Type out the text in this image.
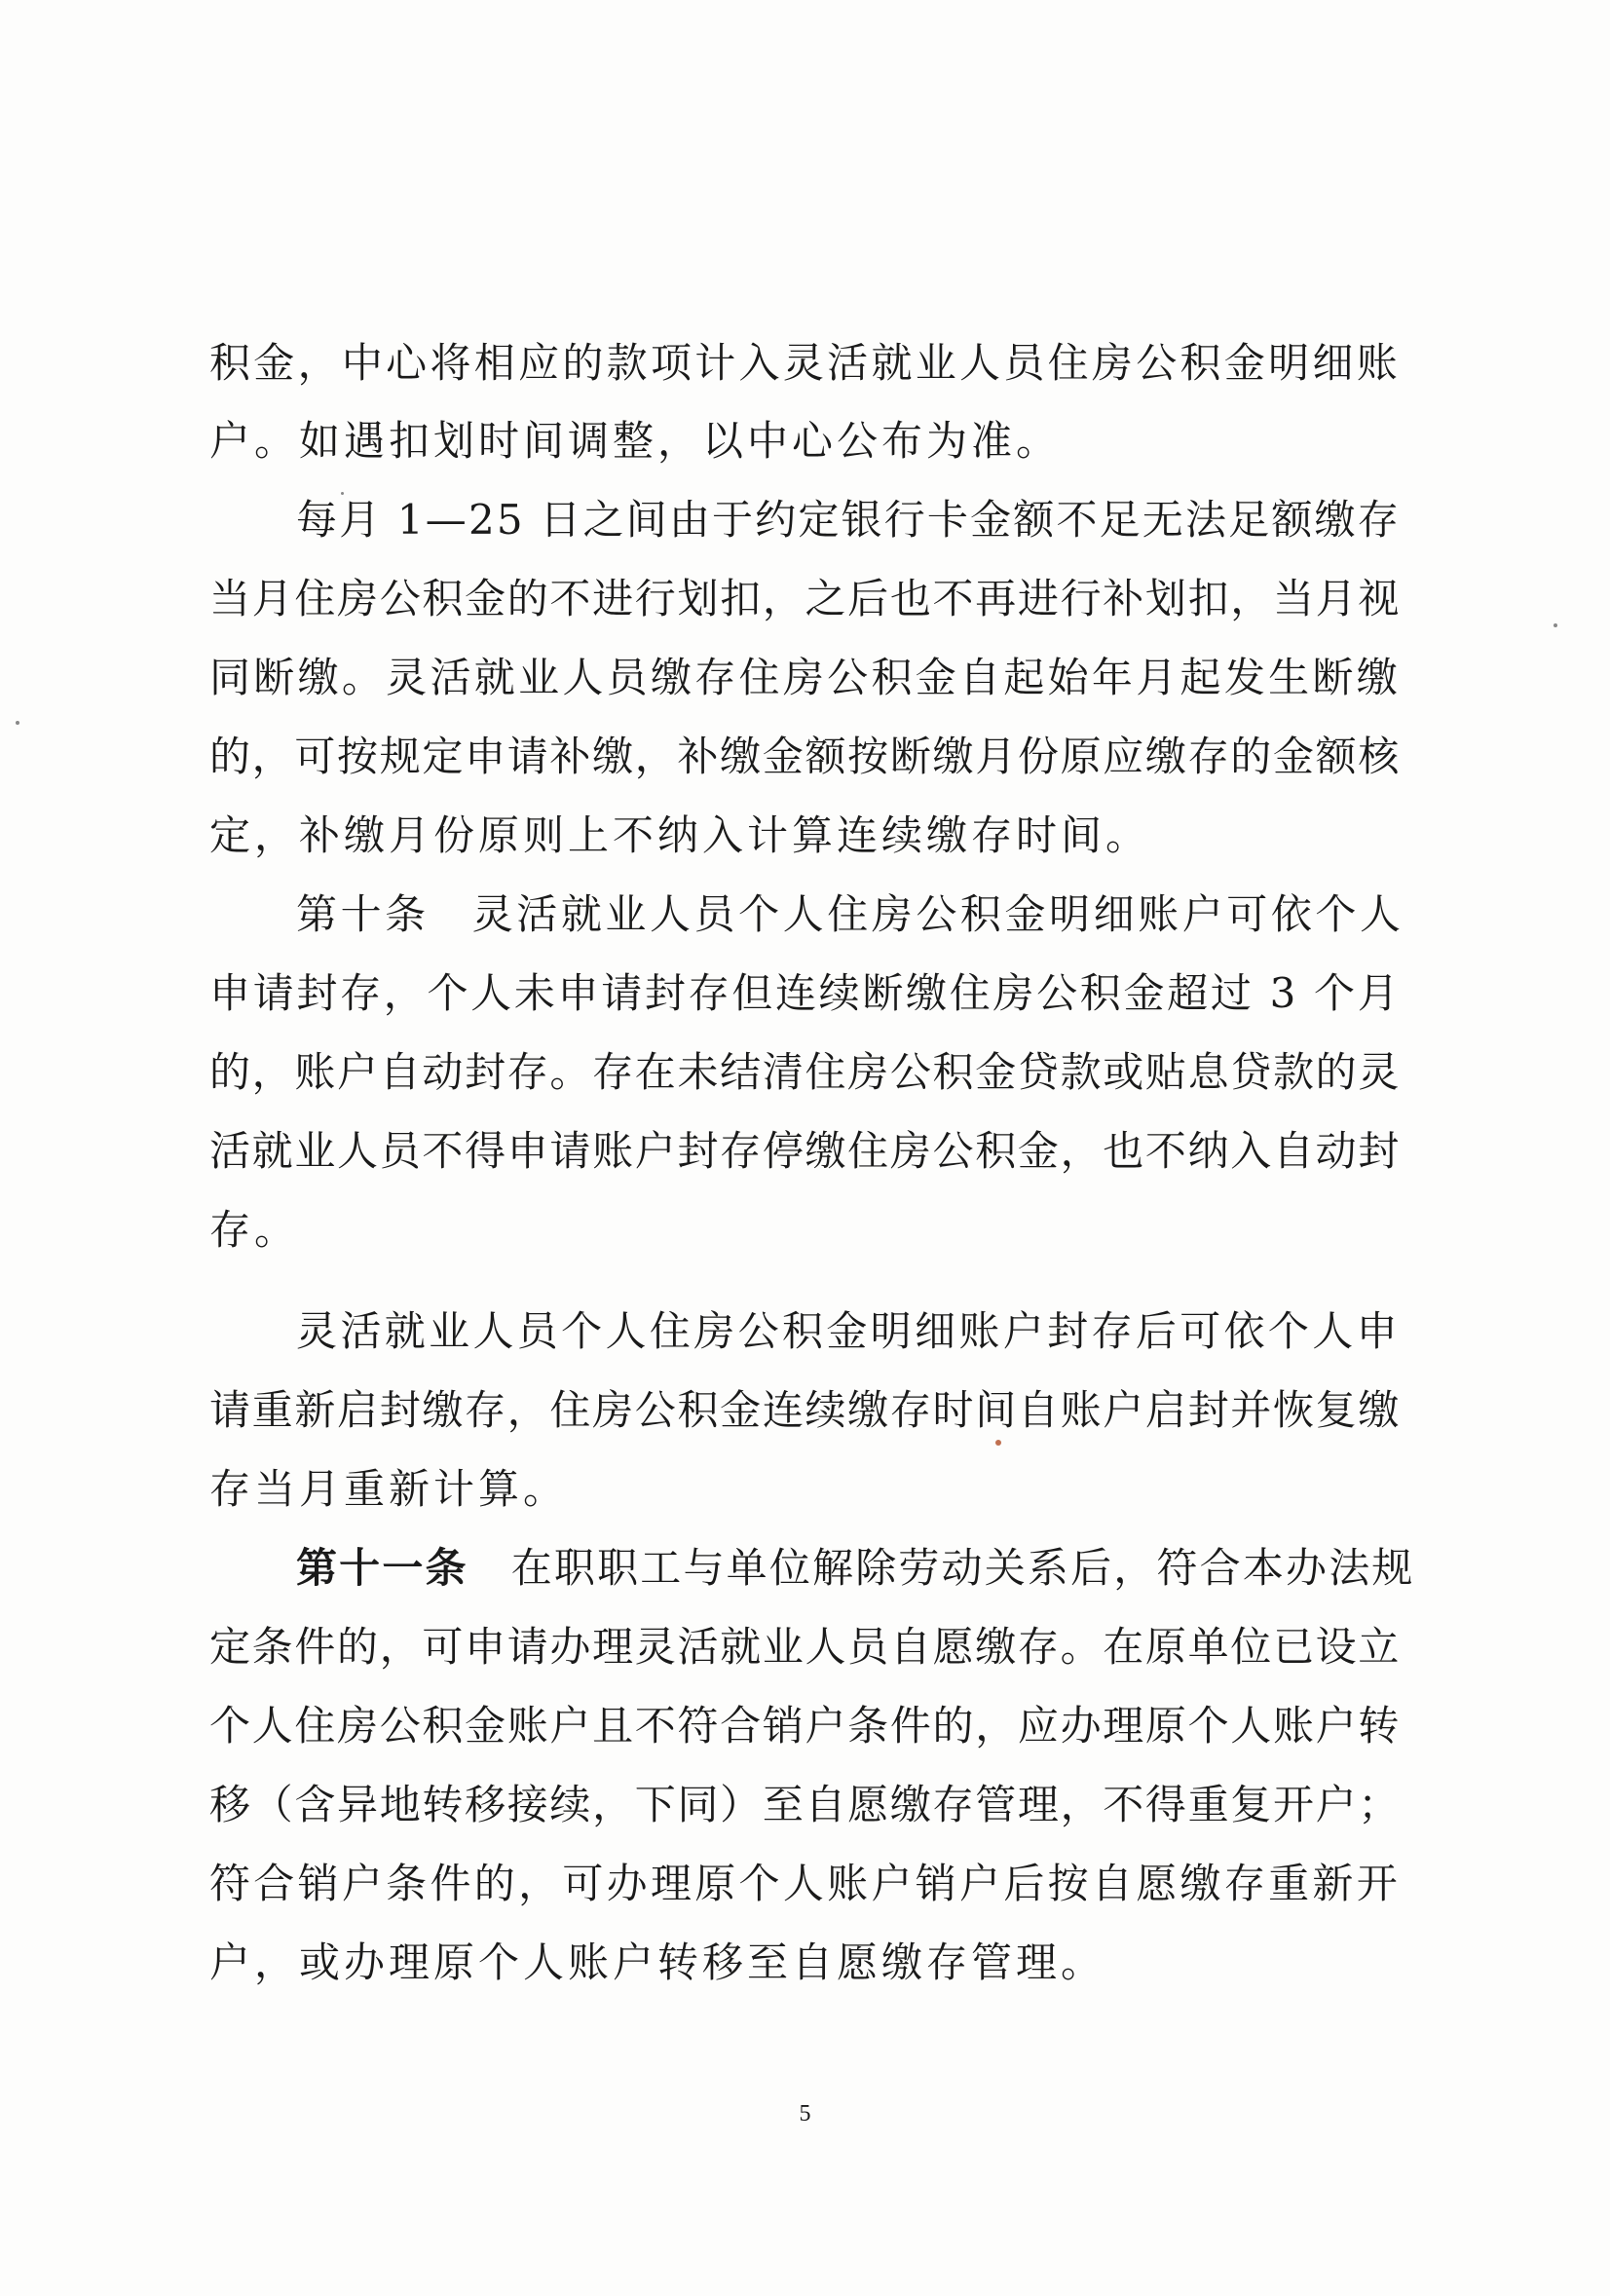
积金，中心将相应的款项计入灵活就业人员住房公积金明细账
户。如遇扣划时间调整，以中心公布为准。
每月 1—25 日之间由于约定银行卡金额不足无法足额缴存
当月住房公积金的不进行划扣，之后也不再进行补划扣，当月视
同断缴。灵活就业人员缴存住房公积金自起始年月起发生断缴
的，可按规定申请补缴，补缴金额按断缴月份原应缴存的金额核
定，补缴月份原则上不纳入计算连续缴存时间。
第十条 灵活就业人员个人住房公积金明细账户可依个人
申请封存，个人未申请封存但连续断缴住房公积金超过 3 个月
的，账户自动封存。存在未结清住房公积金贷款或贴息贷款的灵
活就业人员不得申请账户封存停缴住房公积金，也不纳入自动封
存。
灵活就业人员个人住房公积金明细账户封存后可依个人申
请重新启封缴存，住房公积金连续缴存时间自账户启封并恢复缴
存当月重新计算。
第十一条 在职职工与单位解除劳动关系后，符合本办法规
定条件的，可申请办理灵活就业人员自愿缴存。在原单位已设立
个人住房公积金账户且不符合销户条件的，应办理原个人账户转
移（含异地转移接续，下同）至自愿缴存管理，不得重复开户；
符合销户条件的，可办理原个人账户销户后按自愿缴存重新开
户，或办理原个人账户转移至自愿缴存管理。
5
